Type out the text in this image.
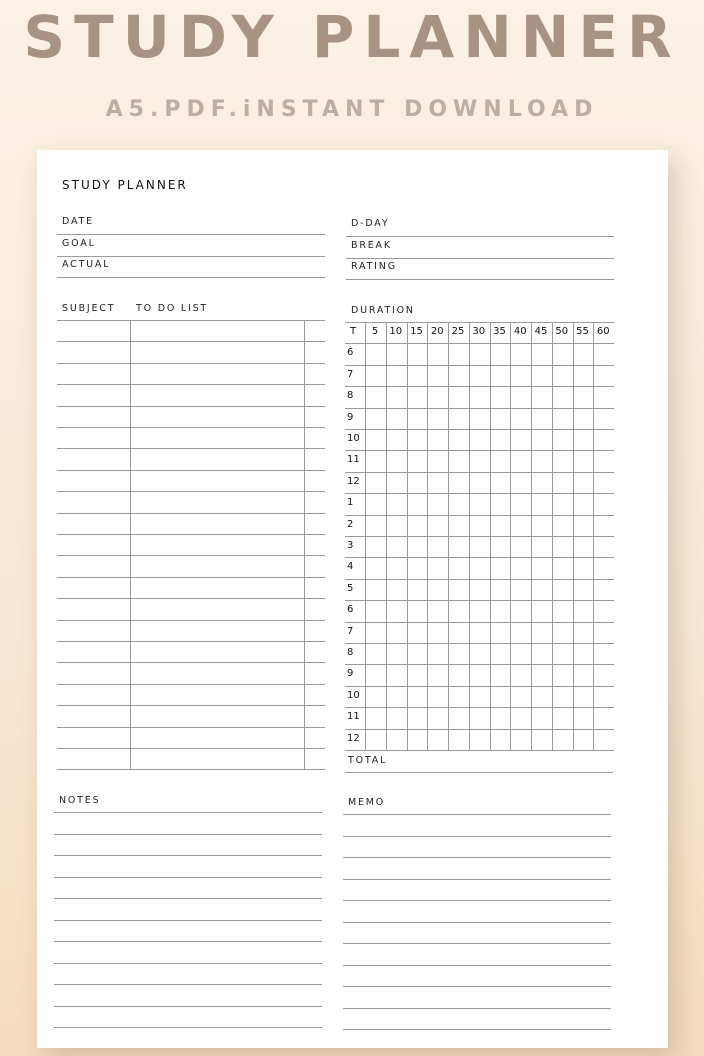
STUDY PLANNER
A5.PDF.iNSTANT DOWNLOAD
STUDY PLANNER
DATE
GOAL
ACTUAL
D-DAY
BREAK
RATING
SUBJECT TO DO LIST	DURATION
T	5	10 15 20 25 30 35 40 45 50 55 60
6
7
8
9
10
11
12
1
2
3
4
5
6
7
8
9
10
11
12
TOTAL
NOTES	MEMO
